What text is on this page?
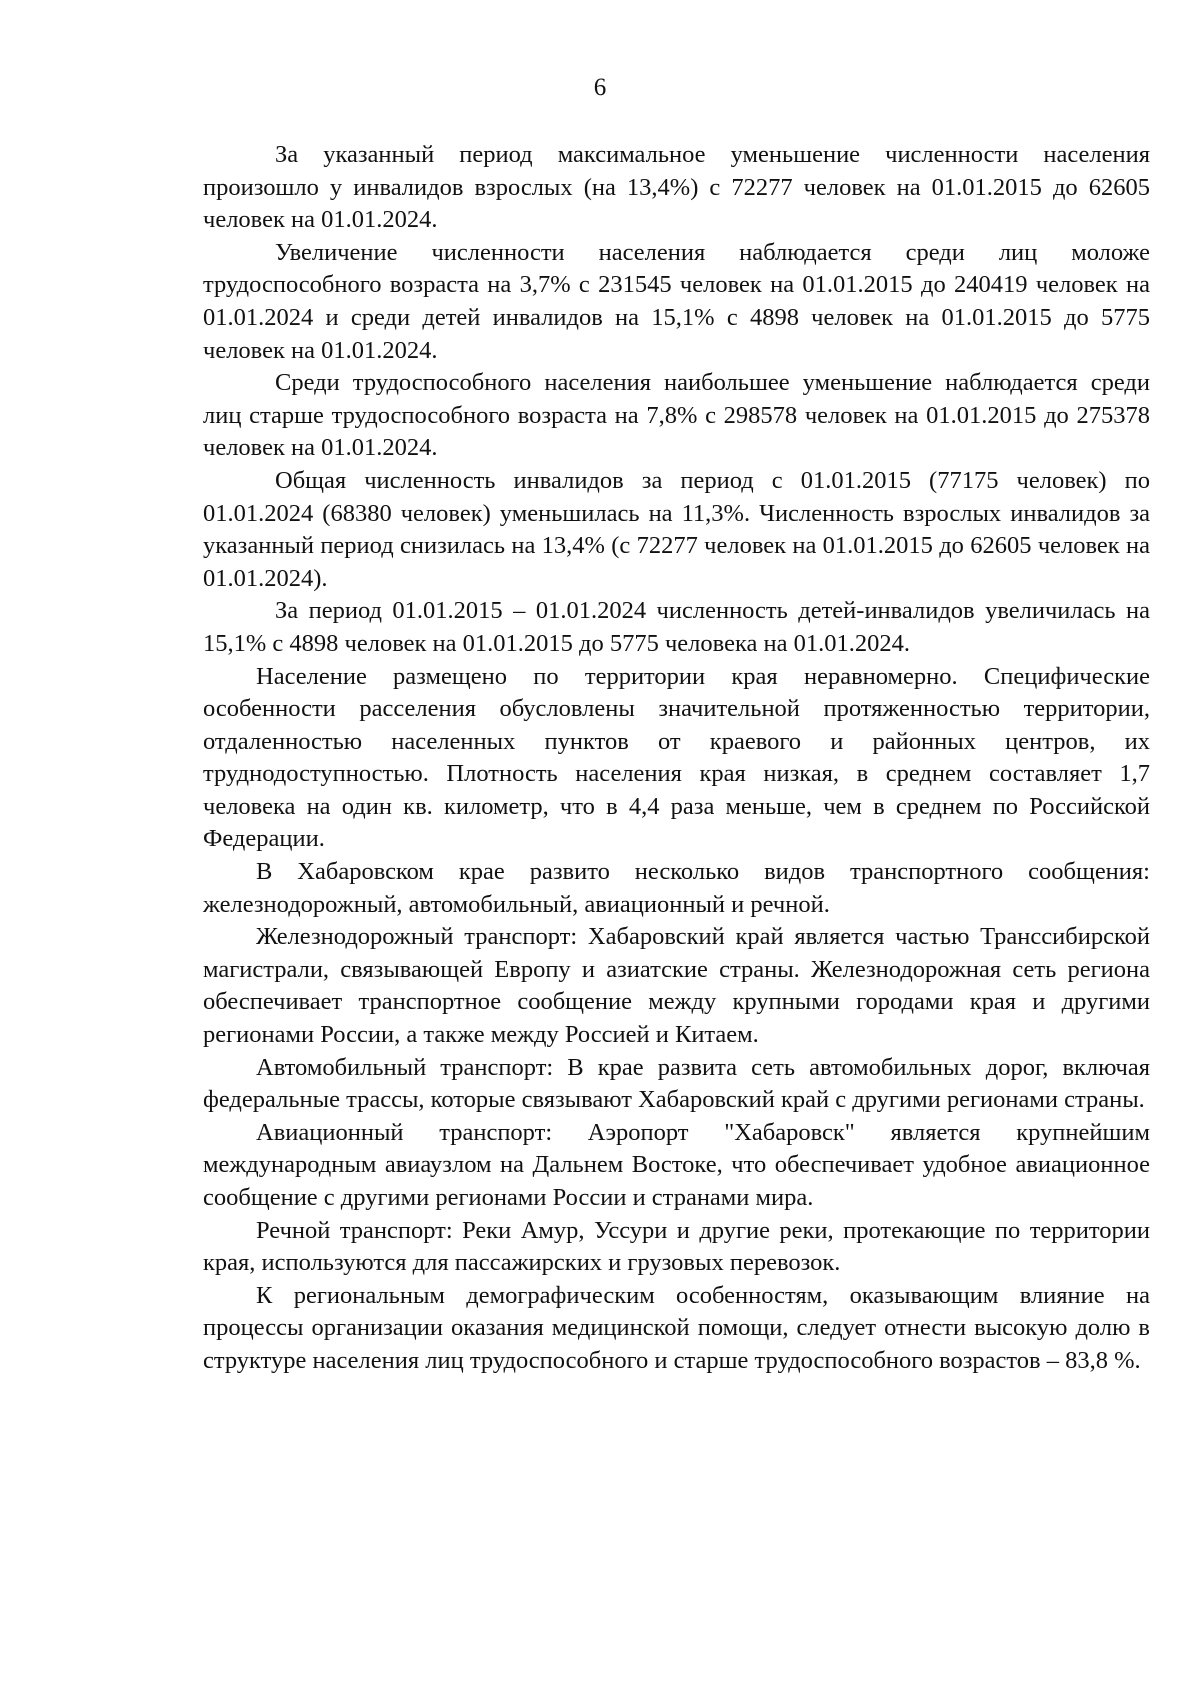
6

За указанный период максимальное уменьшение численности населения произошло у инвалидов взрослых (на 13,4%) с 72277 человек на 01.01.2015 до 62605 человек на 01.01.2024.

Увеличение численности населения наблюдается среди лиц моложе трудоспособного возраста на 3,7% с 231545 человек на 01.01.2015 до 240419 человек на 01.01.2024 и среди детей инвалидов на 15,1% с 4898 человек на 01.01.2015 до 5775 человек на 01.01.2024.

Среди трудоспособного населения наибольшее уменьшение наблюдается среди лиц старше трудоспособного возраста на 7,8% с 298578 человек на 01.01.2015 до 275378 человек на 01.01.2024.

Общая численность инвалидов за период с 01.01.2015 (77175 человек) по 01.01.2024 (68380 человек) уменьшилась на 11,3%. Численность взрослых инвалидов за указанный период снизилась на 13,4% (с 72277 человек на 01.01.2015 до 62605 человек на 01.01.2024).

За период 01.01.2015 – 01.01.2024 численность детей-инвалидов увеличилась на 15,1% с 4898 человек на 01.01.2015 до 5775 человека на 01.01.2024.

Население размещено по территории края неравномерно. Специфические особенности расселения обусловлены значительной протяженностью территории, отдаленностью населенных пунктов от краевого и районных центров, их труднодоступностью. Плотность населения края низкая, в среднем составляет 1,7 человека на один кв. километр, что в 4,4 раза меньше, чем в среднем по Российской Федерации.

В Хабаровском крае развито несколько видов транспортного сообщения: железнодорожный, автомобильный, авиационный и речной.

Железнодорожный транспорт: Хабаровский край является частью Транссибирской магистрали, связывающей Европу и азиатские страны. Железнодорожная сеть региона обеспечивает транспортное сообщение между крупными городами края и другими регионами России, а также между Россией и Китаем.

Автомобильный транспорт: В крае развита сеть автомобильных дорог, включая федеральные трассы, которые связывают Хабаровский край с другими регионами страны.

Авиационный транспорт: Аэропорт "Хабаровск" является крупнейшим международным авиаузлом на Дальнем Востоке, что обеспечивает удобное авиационное сообщение с другими регионами России и странами мира.

Речной транспорт: Реки Амур, Уссури и другие реки, протекающие по территории края, используются для пассажирских и грузовых перевозок.

К региональным демографическим особенностям, оказывающим влияние на процессы организации оказания медицинской помощи, следует отнести высокую долю в структуре населения лиц трудоспособного и старше трудоспособного возрастов – 83,8 %.
